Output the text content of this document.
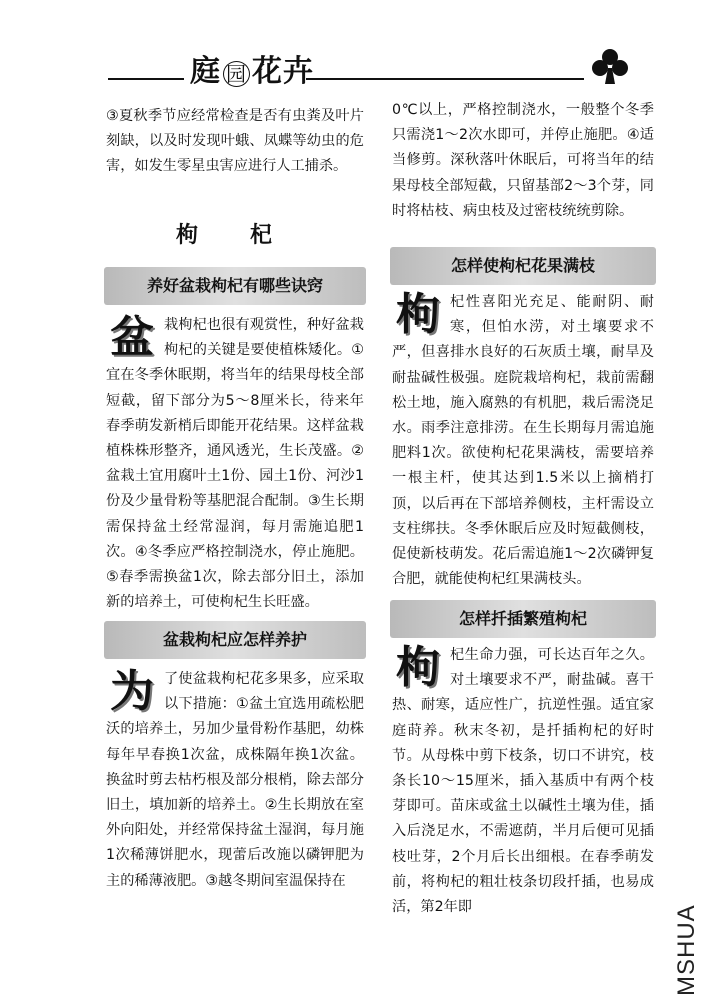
庭园 花卉

③夏秋季节应经常检查是否有虫粪及叶片刻缺，以及时发现叶蛾、凤蝶等幼虫的危害，如发生零星虫害应进行人工捕杀。

枸杞
养好盆栽枸杞有哪些诀窍
盆 栽枸杞也很有观赏性，种好盆栽枸杞的关键是要使植株矮化。①宜在冬季休眠期，将当年的结果母枝全部短截，留下部分为5～8厘米长，待来年春季萌发新梢后即能开花结果。这样盆栽植株株形整齐，通风透光，生长茂盛。②盆栽土宜用腐叶土1份、园土1份、河沙1份及少量骨粉等基肥混合配制。③生长期需保持盆土经常湿润，每月需施追肥1次。④冬季应严格控制浇水，停止施肥。⑤春季需换盆1次，除去部分旧土，添加新的培养土，可使枸杞生长旺盛。
盆栽枸杞应怎样养护
为 了使盆栽枸杞花多果多，应采取以下措施：①盆土宜选用疏松肥沃的培养土，另加少量骨粉作基肥，幼株每年早春换1次盆，成株隔年换1次盆。换盆时剪去枯朽根及部分根梢，除去部分旧土，填加新的培养土。②生长期放在室外向阳处，并经常保持盆土湿润，每月施1次稀薄饼肥水，现蕾后改施以磷钾肥为主的稀薄液肥。③越冬期间室温保持在

0℃以上，严格控制浇水，一般整个冬季只需浇1～2次水即可，并停止施肥。④适当修剪。深秋落叶休眠后，可将当年的结果母枝全部短截，只留基部2～3个芽，同时将枯枝、病虫枝及过密枝统统剪除。

怎样使枸杞花果满枝
枸 杞性喜阳光充足、能耐阴、耐寒，但怕水涝，对土壤要求不严，但喜排水良好的石灰质土壤，耐旱及耐盐碱性极强。庭院栽培枸杞，栽前需翻松土地，施入腐熟的有机肥，栽后需浇足水。雨季注意排涝。在生长期每月需追施肥料1次。欲使枸杞花果满枝，需要培养一根主杆，使其达到1.5米以上摘梢打顶，以后再在下部培养侧枝，主杆需设立支柱绑扶。冬季休眠后应及时短截侧枝，促使新枝萌发。花后需追施1～2次磷钾复合肥，就能使枸杞红果满枝头。
怎样扦插繁殖枸杞
枸 杞生命力强，可长达百年之久。对土壤要求不严，耐盐碱。喜干热、耐寒，适应性广，抗逆性强。适宜家庭莳养。秋末冬初，是扦插枸杞的好时节。从母株中剪下枝条，切口不讲究，枝条长10～15厘米，插入基质中有两个枝芽即可。苗床或盆土以碱性土壤为佳，插入后浇足水，不需遮荫，半月后便可见插枝吐芽，2个月后长出细根。在春季萌发前，将枸杞的粗壮枝条切段扦插，也易成活，第2年即	MSHUA
